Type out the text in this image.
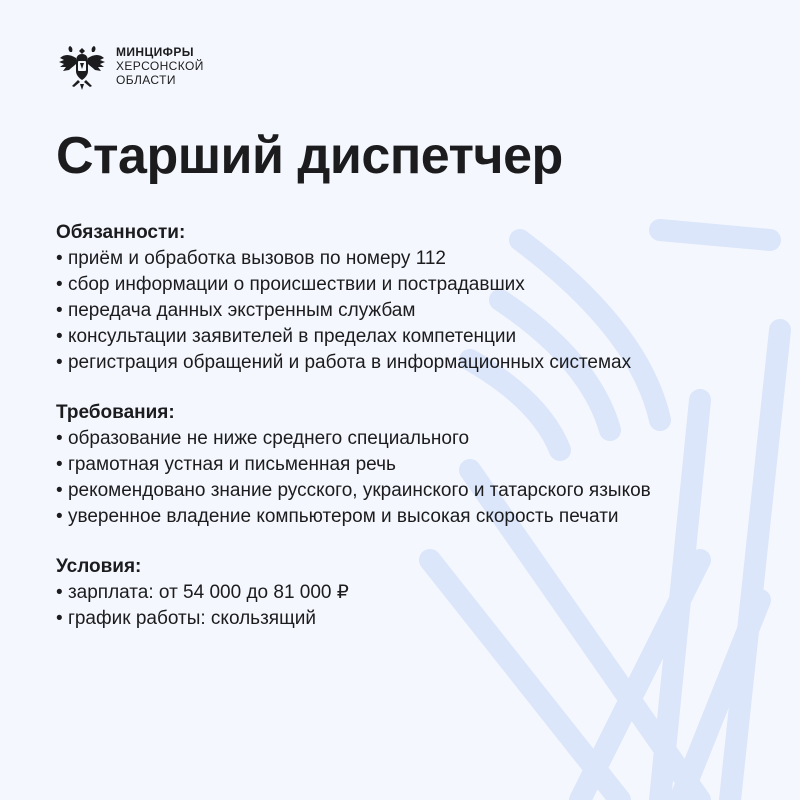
МИНЦИФРЫ
ХЕРСОНСКОЙ
ОБЛАСТИ
Старший диспетчер
Обязанности:
• приём и обработка вызовов по номеру 112
• сбор информации о происшествии и пострадавших
• передача данных экстренным службам
• консультации заявителей в пределах компетенции
• регистрация обращений и работа в информационных системах
Требования:
• образование не ниже среднего специального
• грамотная устная и письменная речь
• рекомендовано знание русского, украинского и татарского языков
• уверенное владение компьютером и высокая скорость печати
Условия:
• зарплата: от 54 000 до 81 000 ₽
• график работы: скользящий
